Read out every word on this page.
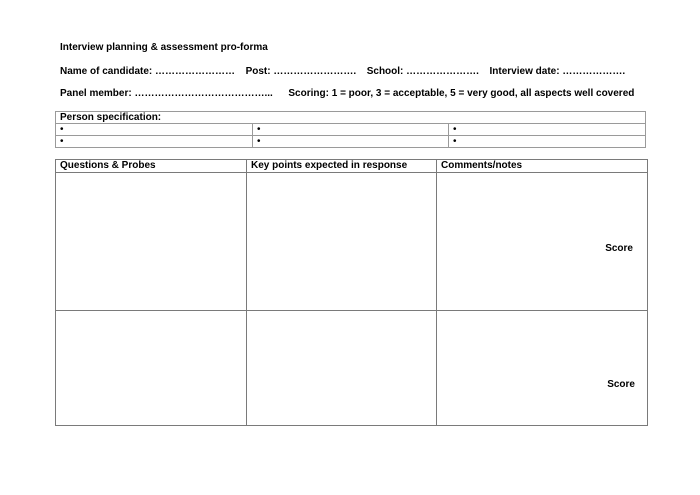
Interview planning & assessment pro-forma
Name of candidate: …………………… Post: ……………………. School: …………………. Interview date: ……………….
Panel member: …………………………………... Scoring: 1 = poor, 3 = acceptable, 5 = very good, all aspects well covered
Person specification:		
•	•	•
•	•	•
Questions & Probes	Key points expected in response	Comments/notes

		Score

		Score
